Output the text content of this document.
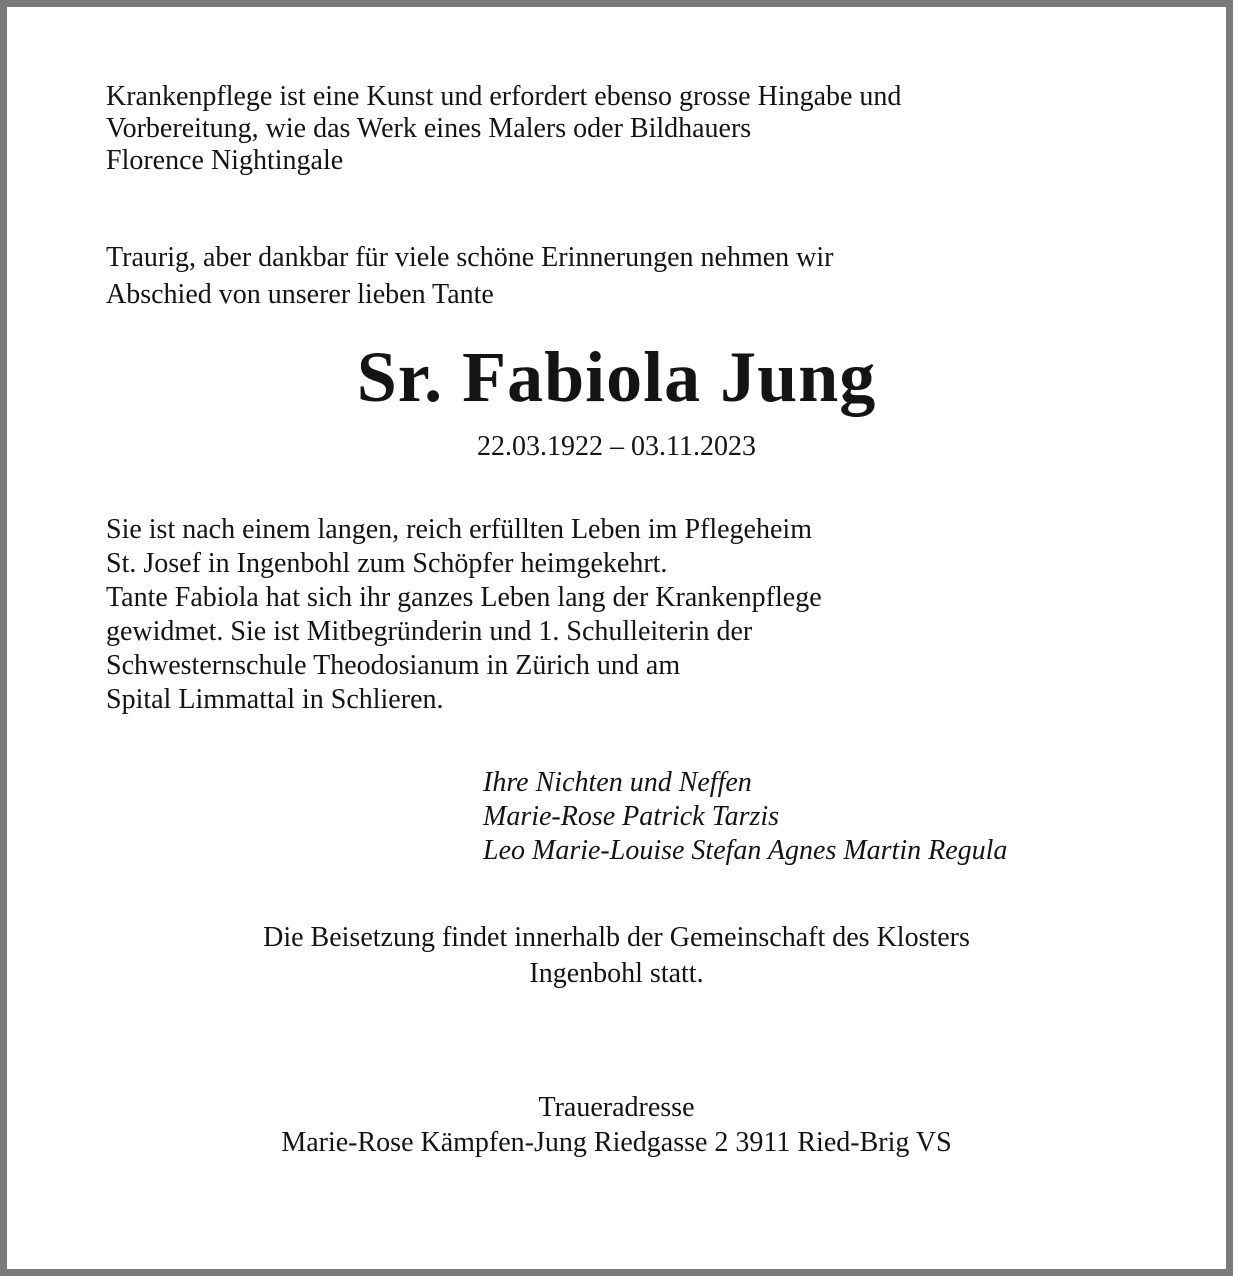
Krankenpflege ist eine Kunst und erfordert ebenso grosse Hingabe und
Vorbereitung, wie das Werk eines Malers oder Bildhauers
Florence Nightingale
Traurig, aber dankbar für viele schöne Erinnerungen nehmen wir
Abschied von unserer lieben Tante
Sr. Fabiola Jung
22.03.1922 – 03.11.2023
Sie ist nach einem langen, reich erfüllten Leben im Pflegeheim
St. Josef in Ingenbohl zum Schöpfer heimgekehrt.
Tante Fabiola hat sich ihr ganzes Leben lang der Krankenpflege
gewidmet. Sie ist Mitbegründerin und 1. Schulleiterin der
Schwesternschule Theodosianum in Zürich und am
Spital Limmattal in Schlieren.
Ihre Nichten und Neffen
Marie-Rose Patrick Tarzis
Leo Marie-Louise Stefan Agnes Martin Regula
Die Beisetzung findet innerhalb der Gemeinschaft des Klosters
Ingenbohl statt.
Traueradresse
Marie-Rose Kämpfen-Jung Riedgasse 2 3911 Ried-Brig VS
